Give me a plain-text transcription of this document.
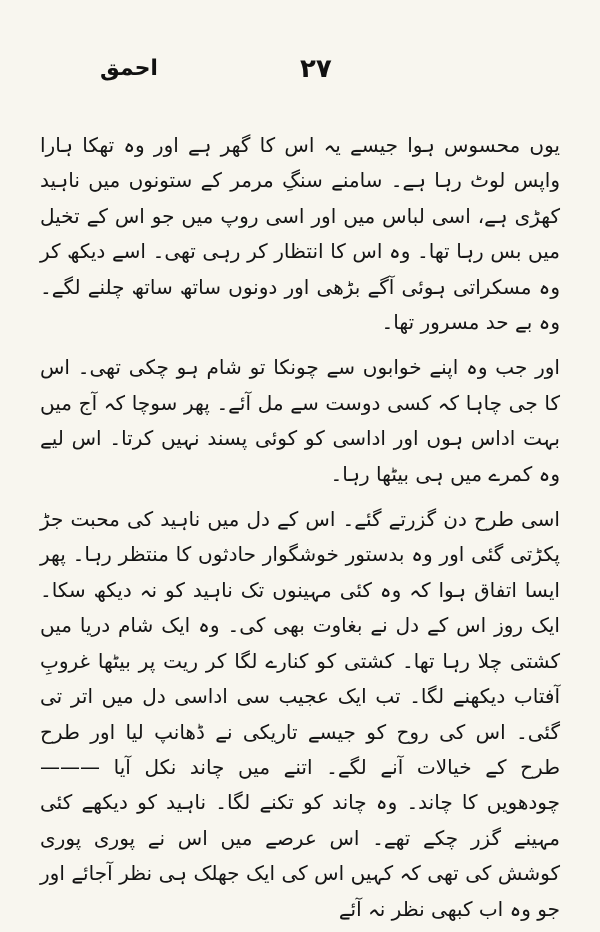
۲۷
احمق

یوں محسوس ہوا جیسے یہ اس کا گھر ہے اور وہ تھکا ہارا واپس لوٹ رہا ہے۔ سامنے سنگِ مرمر کے ستونوں میں ناہید کھڑی ہے، اسی لباس میں اور اسی روپ میں جو اس کے تخیل میں بس رہا تھا۔ وہ اس کا انتظار کر رہی تھی۔ اسے دیکھ کر وہ مسکراتی ہوئی آگے بڑھی اور دونوں ساتھ ساتھ چلنے لگے۔ وہ بے حد مسرور تھا۔

اور جب وہ اپنے خوابوں سے چونکا تو شام ہو چکی تھی۔ اس کا جی چاہا کہ کسی دوست سے مل آئے۔ پھر سوچا کہ آج میں بہت اداس ہوں اور اداسی کو کوئی پسند نہیں کرتا۔ اس لیے وہ کمرے میں ہی بیٹھا رہا۔

اسی طرح دن گزرتے گئے۔ اس کے دل میں ناہید کی محبت جڑ پکڑتی گئی اور وہ بدستور خوشگوار حادثوں کا منتظر رہا۔ پھر ایسا اتفاق ہوا کہ وہ کئی مہینوں تک ناہید کو نہ دیکھ سکا۔ ایک روز اس کے دل نے بغاوت بھی کی۔ وہ ایک شام دریا میں کشتی چلا رہا تھا۔ کشتی کو کنارے لگا کر ریت پر بیٹھا غروبِ آفتاب دیکھنے لگا۔ تب ایک عجیب سی اداسی دل میں اتر تی گئی۔ اس کی روح کو جیسے تاریکی نے ڈھانپ لیا اور طرح طرح کے خیالات آنے لگے۔ اتنے میں چاند نکل آیا ——— چودھویں کا چاند۔ وہ چاند کو تکنے لگا۔ ناہید کو دیکھے کئی مہینے گزر چکے تھے۔ اس عرصے میں اس نے پوری پوری کوشش کی تھی کہ کہیں اس کی ایک جھلک ہی نظر آجائے اور جو وہ اب کبھی نظر نہ آئے
